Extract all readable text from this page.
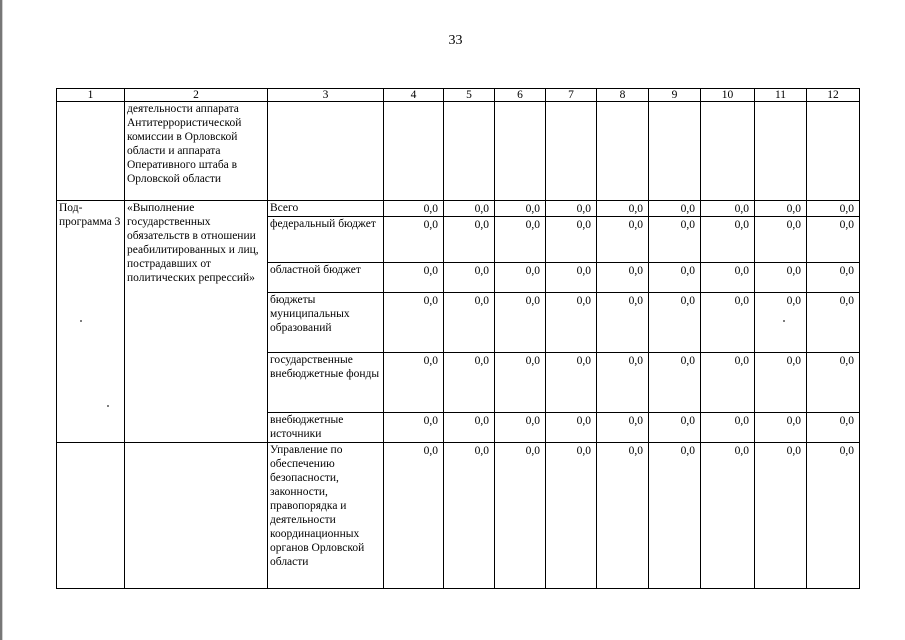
33
1	2	3	4	5	6	7	8	9	10	11	12
	деятельности аппарата Антитеррористической комиссии в Орловской области и аппарата Оперативного штаба в Орловской области										
Под-программа 3	«Выполнение государственных обязательств в отношении реабилитированных и лиц, пострадавших от политических репрессий»	Всего	0,0	0,0	0,0	0,0	0,0	0,0	0,0	0,0	0,0
		федеральный бюджет	0,0	0,0	0,0	0,0	0,0	0,0	0,0	0,0	0,0
		областной бюджет	0,0	0,0	0,0	0,0	0,0	0,0	0,0	0,0	0,0
		бюджеты муниципальных образований	0,0	0,0	0,0	0,0	0,0	0,0	0,0	0,0	0,0
		государственные внебюджетные фонды	0,0	0,0	0,0	0,0	0,0	0,0	0,0	0,0	0,0
		внебюджетные источники	0,0	0,0	0,0	0,0	0,0	0,0	0,0	0,0	0,0
		Управление по обеспечению безопасности, законности, правопорядка и деятельности координационных органов Орловской области	0,0	0,0	0,0	0,0	0,0	0,0	0,0	0,0	0,0
